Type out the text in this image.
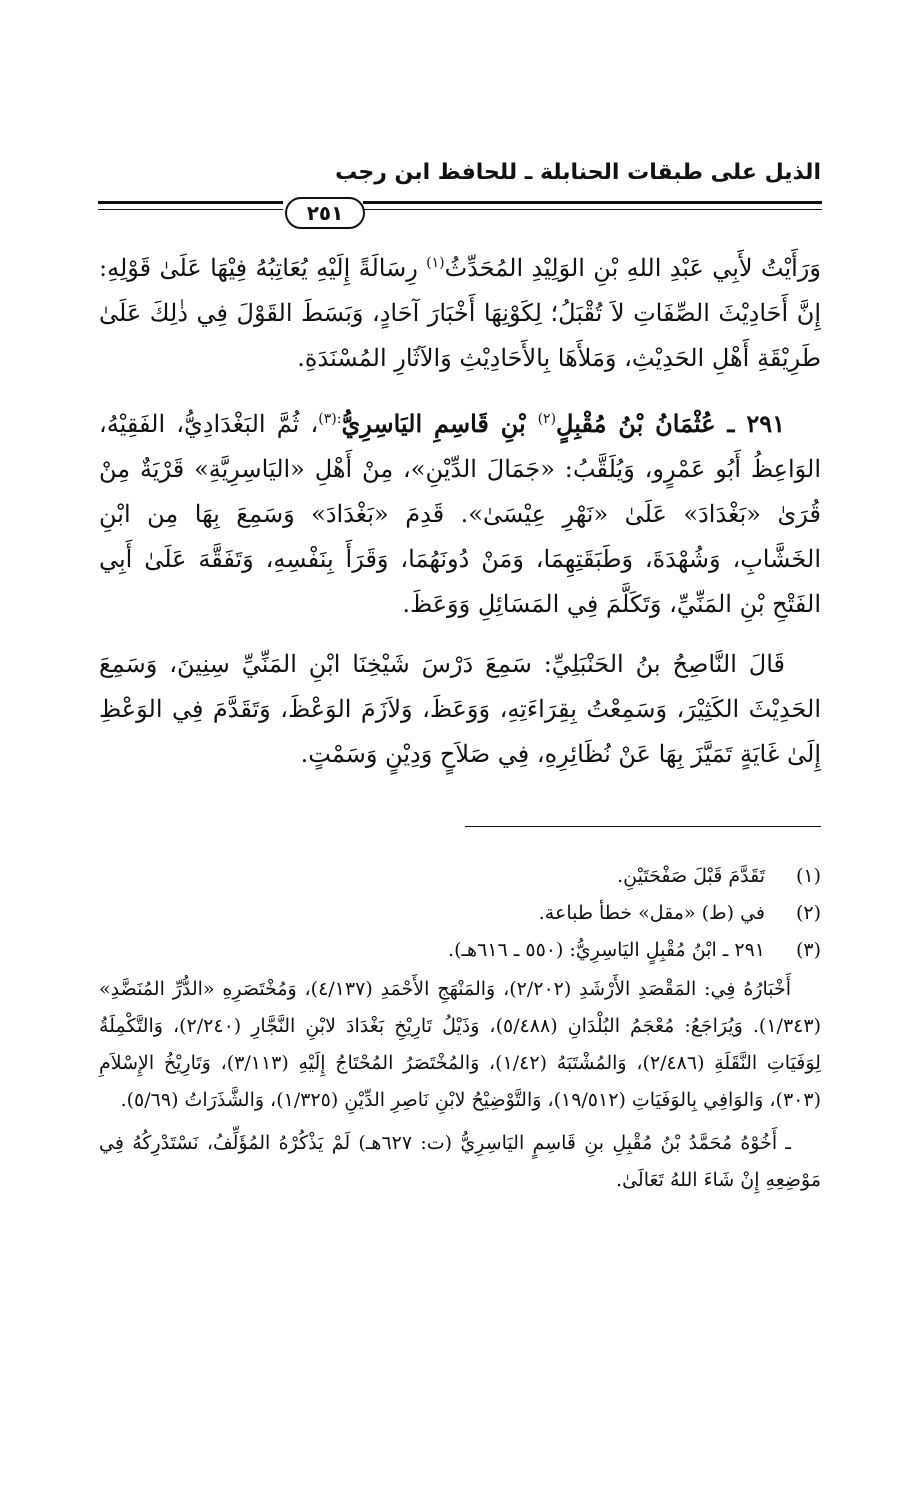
الذيل على طبقات الحنابلة ـ للحافظ ابن رجب
٢٥١

وَرَأَيْتُ لأَبِي عَبْدِ اللهِ بْنِ الوَلِيْدِ المُحَدِّثُ$^{(١)}$ رِسَالَةً إِلَيْهِ يُعَاتِبُهُ فِيْهَا عَلَىٰ قَوْلِهِ: إِنَّ أَحَادِيْثَ الصِّفَاتِ لاَ تُقْبَلُ؛ لِكَوْنِهَا أَخْبَارَ آحَادٍ، وَبَسَطَ القَوْلَ فِي ذٰلِكَ عَلَىٰ طَرِيْقَةِ أَهْلِ الحَدِيْثِ، وَمَلأَهَا بِالأَحَادِيْثِ وَالآثَارِ المُسْنَدَةِ.

٢٩١ ـ عُثْمَانُ بْنُ مُقْبِلٍ$^{(٢)}$ بْنِ قَاسِمِ اليَاسِرِيُّ$^{:(٣)}$، ثُمَّ البَغْدَادِيُّ، الفَقِيْهُ، الوَاعِظُ أَبُو عَمْرٍو، وَيُلَقَّبُ: «جَمَالَ الدِّيْنِ»، مِنْ أَهْلِ «اليَاسِرِيَّةِ» قَرْيَةٌ مِنْ قُرَىٰ «بَغْدَادَ» عَلَىٰ «نَهْرِ عِيْسَىٰ». قَدِمَ «بَغْدَادَ» وَسَمِعَ بِهَا مِن ابْنِ الخَشَّابِ، وَشُهْدَةَ، وَطَبَقَتِهِمَا، وَمَنْ دُونَهُمَا، وَقَرَأَ بِنَفْسِهِ، وَتَفَقَّهَ عَلَىٰ أَبِي الفَتْحِ بْنِ المَنِّيِّ، وَتَكَلَّمَ فِي المَسَائِلِ وَوَعَظَ.

قَالَ النَّاصِحُ بنُ الحَنْبَلِيِّ: سَمِعَ دَرْسَ شَيْخِنَا ابْنِ المَنِّيِّ سِنِينَ، وَسَمِعَ الحَدِيْثَ الكَثِيْرَ، وَسَمِعْتُ بِقِرَاءَتِهِ، وَوَعَظَ، وَلاَزَمَ الوَعْظَ، وَتَقَدَّمَ فِي الوَعْظِ إِلَىٰ غَايَةٍ تَمَيَّزَ بِهَا عَنْ نُظَائِرِهِ، فِي صَلاَحٍ وَدِيْنٍ وَسَمْتٍ.

(١)
تَقَدَّمَ قَبْلَ صَفْحَتَيْنِ.
(٢)
في (ط) «مقل» خطأ طباعة.
(٣)
٢٩١ ـ ابْنُ مُقْبِلٍ اليَاسِرِيُّ: (٥٥٠ ـ ٦١٦هـ).

أَخْبَارُهُ فِي: المَقْصَدِ الأَرْشَدِ (٢/٢٠٢)، وَالمَنْهَجِ الأَحْمَدِ (٤/١٣٧)، وَمُخْتَصَرِهِ «الدُّرِّ المُنَضَّدِ» (١/٣٤٣). وَيُرَاجَعُ: مُعْجَمُ البُلْدَانِ (٥/٤٨٨)، وَذَيْلُ تَارِيْخِ بَغْدَادَ لابْنِ النَّجَّارِ (٢/٢٤٠)، وَالتَّكْمِلَةُ لِوَفَيَاتِ النَّقَلَةِ (٢/٤٨٦)، وَالمُشْتَبَهُ (١/٤٢)، وَالمُخْتَصَرُ المُحْتَاجُ إِلَيْهِ (٣/١١٣)، وَتَارِيْخُ الإِسْلاَمِ (٣٠٣)، وَالوَافِي بِالوَفَيَاتِ (١٩/٥١٢)، وَالتَّوْضِيْحُ لابْنِ نَاصِرِ الدِّيْنِ (١/٣٢٥)، وَالشَّذَرَاتُ (٥/٦٩).

ـ أَخُوْهُ مُحَمَّدُ بْنُ مُقْبِلِ بنِ قَاسِمٍ اليَاسِرِيُّ (ت: ٦٢٧هـ) لَمْ يَذْكُرْهُ المُؤَلِّفُ، نَسْتَدْرِكُهُ فِي مَوْضِعِهِ إِنْ شَاءَ اللهُ تَعَالَىٰ.
